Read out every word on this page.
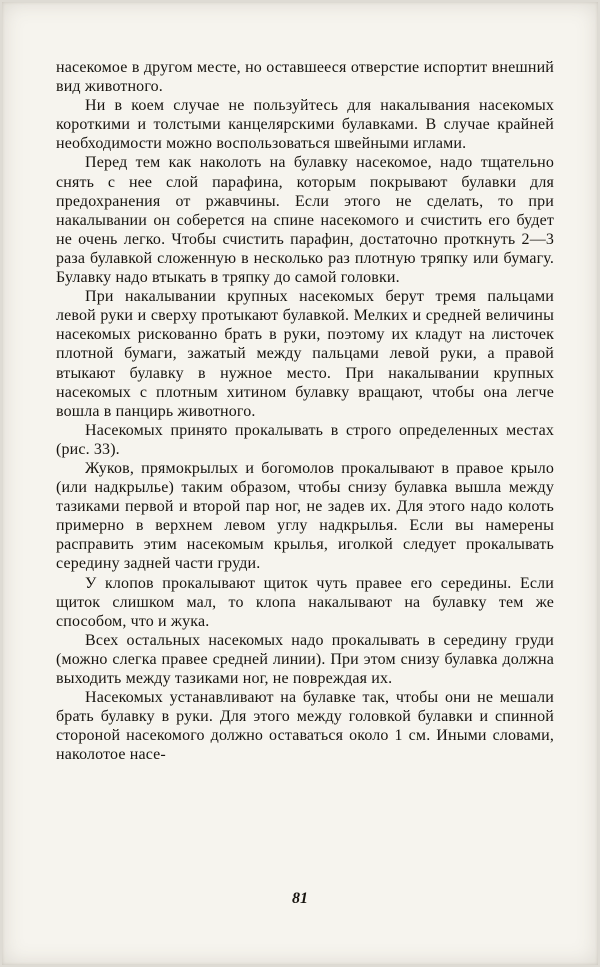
насекомое в другом месте, но оставшееся отверстие испортит внешний вид животного.

Ни в коем случае не пользуйтесь для накалывания насекомых короткими и толстыми канцелярскими булавками. В случае крайней необходимости можно воспользоваться швейными иглами.

Перед тем как наколоть на булавку насекомое, надо тщательно снять с нее слой парафина, которым покрывают булавки для предохранения от ржавчины. Если этого не сделать, то при накалывании он соберется на спине насекомого и счистить его будет не очень легко. Чтобы счистить парафин, достаточно проткнуть 2—3 раза булавкой сложенную в несколько раз плотную тряпку или бумагу. Булавку надо втыкать в тряпку до самой головки.

При накалывании крупных насекомых берут тремя пальцами левой руки и сверху протыкают булавкой. Мелких и средней величины насекомых рискованно брать в руки, поэтому их кладут на листочек плотной бумаги, зажатый между пальцами левой руки, а правой втыкают булавку в нужное место. При накалывании крупных насекомых с плотным хитином булавку вращают, чтобы она легче вошла в панцирь животного.

Насекомых принято прокалывать в строго определенных местах (рис. 33).

Жуков, прямокрылых и богомолов прокалывают в правое крыло (или надкрылье) таким образом, чтобы снизу булавка вышла между тазиками первой и второй пар ног, не задев их. Для этого надо колоть примерно в верхнем левом углу надкрылья. Если вы намерены расправить этим насекомым крылья, иголкой следует прокалывать середину задней части груди.

У клопов прокалывают щиток чуть правее его середины. Если щиток слишком мал, то клопа накалывают на булавку тем же способом, что и жука.

Всех остальных насекомых надо прокалывать в середину груди (можно слегка правее средней линии). При этом снизу булавка должна выходить между тазиками ног, не повреждая их.

Насекомых устанавливают на булавке так, чтобы они не мешали брать булавку в руки. Для этого между головкой булавки и спинной стороной насекомого должно оставаться около 1 см. Иными словами, наколотое насе-

81
